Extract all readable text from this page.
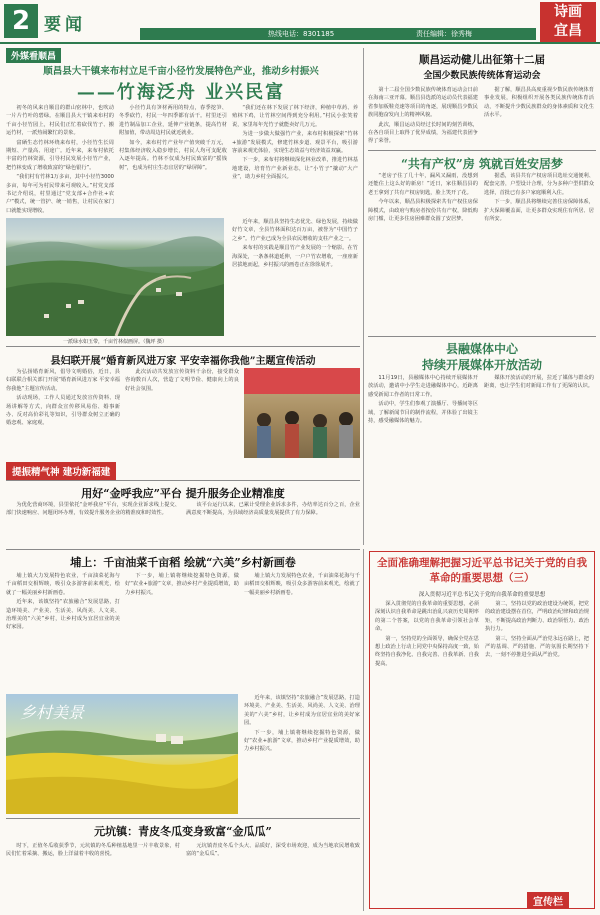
2 要闻	热线电话：8301185	责任编辑：徐秀梅
诗画
宜昌
外媒看顺昌
顺昌县大干镇来布村立足千亩小径竹发展特色产业，推动乡村振兴
——竹海泛舟 业兴民富

初冬的风来自顺昌的群山密林中，也吹动一片片竹叶的碧绿。在顺昌县大干镇来布村的千亩小径竹园上，村民们正忙着砍伐竹子、搬运竹材，一派热闹繁忙的景象。

富硒生态竹林环绕来布村，小径竹生长周期短、产量高、用途广。近年来，来布村依托丰富的竹林资源，引导村民发展小径竹产业，把竹林变成了增收致富的“绿色银行”。

“我们村有竹林1万多亩，其中小径竹3000多亩，每年可为村民带来可观收入。”村党支部书记介绍说，村里通过“党支部+合作社+农户”模式，统一管护、统一销售，让村民在家门口就能实现增收。

小径竹具有笋材两用的特点，春季挖笋、冬季砍竹，村民一年四季都有活干。村里还引进竹制品加工企业，延伸产业链条，提高竹材附加值，带动周边村民就近就业。

如今，来布村竹产业年产值突破千万元，村集体经济收入稳步增长，村民人均可支配收入逐年提高。竹林不仅成为村民致富的“摇钱树”，也成为村庄生态宜居的“绿屏障”。

“我们还在林下发展了林下经济，种植中草药、养殖林下鸡，让竹林空间得到充分利用。”村民小张笑着说，家里每年光竹子就能卖好几万元。

为进一步做大做强竹产业，来布村积极探索“竹林+旅游”发展模式，修建竹林步道、观景平台，吸引游客前来观光体验，实现生态效益与经济效益双赢。

下一步，来布村将继续深化林业改革，推进竹林基地建设，培育竹产业新业态，让“小竹子”撬动“大产业”，助力乡村全面振兴。

一派绿水如玉带，千亩竹林似画屏。（魏坪 摄）

近年来，顺昌县坚持生态优先、绿色发展，持续做好竹文章，全县竹林面积达百万亩，被誉为“中国竹子之乡”。竹产业已成为全县农民增收的支柱产业之一。

来布村的实践是顺昌竹产业发展的一个缩影。在竹海深处，一条条林道延伸，一户户竹农增收，一座座新居拔地而起，乡村振兴的画卷正在徐徐展开。

顺昌运动健儿出征第十二届
全国少数民族传统体育运动会

第十二届全国少数民族传统体育运动会日前在海南三亚开幕。顺昌县选派的运动员代表福建省参加板鞋竞速等项目的角逐，展现顺昌少数民族同胞奋发向上的精神风貌。

此次，顺昌运动员经过长时间的刻苦训练，在各自项目上取得了优异成绩，为福建代表团争得了荣誉。

据了解，顺昌县高度重视少数民族传统体育事业发展，积极组织开展各类民族传统体育活动，不断提升少数民族群众的身体素质和文化生活水平。

“共有产权”房 筑就百姓安居梦

“老房子住了几十年，漏风又漏雨，没想到还能住上这么好的新房！”近日，家住顺昌县的老王拿到了共有产权房钥匙，脸上笑开了花。

今年以来，顺昌县积极探索共有产权住房保障模式，由政府与购房者按份共有产权，降低购房门槛，让更多住房困难群众圆了安居梦。

据悉，该县共有产权房项目选址交通便利、配套完善，户型设计合理，分为多种户型供群众选择，首批已有多户家庭顺利入住。

下一步，顺昌县将继续完善住房保障体系，扩大保障覆盖面，让更多群众实现住有所居、居有所安。

县融媒体中心
持续开展媒体开放活动

11月19日，县融媒体中心持续开展媒体开放活动，邀请中小学生走进融媒体中心，近距离感受新闻工作者的日常工作。

活动中，学生们参观了演播厅、导播间等区域，了解新闻节目的制作流程，并体验了出镜主持，感受融媒体的魅力。

媒体开放活动的开展，拉近了媒体与群众的距离，也让学生们对新闻工作有了更深的认识。

县妇联开展“婚育新风进万家 平安幸福你我他”主题宣传活动

为弘扬婚育新风，倡导文明婚俗，近日，县妇联联合相关部门开展“婚育新风进万家 平安幸福你我他”主题宣传活动。

活动现场，工作人员通过发放宣传资料、现场讲解等方式，向群众宣传移风易俗、婚事新办、反对高价彩礼等知识，引导群众树立正确的婚恋观、家庭观。

此次活动共发放宣传资料千余份，接受群众咨询数百人次，营造了文明节俭、健康向上的良好社会氛围。

提振精气神 建功新福建
用好“金呼我应”平台 提升服务企业精准度

为优化营商环境，县里依托“金呼我应”平台，实现企业诉求线上提交、部门快速响应、问题闭环办理，有效提升服务企业的精准度和时效性。

该平台运行以来，已累计受理企业诉求多件，办结率达百分之百，企业满意度不断提高，为县域经济高质量发展提供了有力保障。

埔上：千亩油菜千亩稻 绘就“六美”乡村新画卷

埔上镇大力发展特色农业，千亩油菜花海与千亩稻田交相辉映，吸引众多游客前来观光，绘就了一幅美丽乡村新画卷。

近年来，该镇坚持“农旅融合”发展思路，打造环境美、产业美、生活美、风尚美、人文美、治理美的“六美”乡村，让乡村成为宜居宜业的美好家园。

下一步，埔上镇将继续挖掘特色资源，做好“农业+旅游”文章，推动乡村产业提质增效，助力乡村振兴。

埔上镇大力发展特色农业，千亩油菜花海与千亩稻田交相辉映，吸引众多游客前来观光，绘就了一幅美丽乡村新画卷。

乡村美景

近年来，该镇坚持“农旅融合”发展思路，打造环境美、产业美、生活美、风尚美、人文美、治理美的“六美”乡村，让乡村成为宜居宜业的美好家园。

下一步，埔上镇将继续挖掘特色资源，做好“农业+旅游”文章，推动乡村产业提质增效，助力乡村振兴。

元坑镇：青皮冬瓜变身致富“金瓜瓜”

时下，正值冬瓜收获季节，元坑镇的冬瓜种植基地里一片丰收景象，村民们忙着采摘、搬运，脸上洋溢着丰收的喜悦。

元坑镇青皮冬瓜个头大、品质好，深受市场欢迎，成为当地农民增收致富的“金瓜瓜”。

全面准确理解把握习近平总书记关于党的自我革命的重要思想（三）
深入贯彻习近平总书记关于党的自我革命的重要思想

深入贯彻党的自我革命的重要思想，必须深刻认识自我革命是跳出治乱兴衰历史周期率的第二个答案，以党的自我革命引领社会革命。

第一，坚持党的全面领导，确保全党在思想上政治上行动上同党中央保持高度一致，始终坚持自我净化、自我完善、自我革新、自我提高。

第二，坚持以党的政治建设为统领，把党的政治建设摆在首位，严明政治纪律和政治规矩，不断提高政治判断力、政治领悟力、政治执行力。

第三，坚持全面从严治党永远在路上，把严的基调、严的措施、严的氛围长期坚持下去，一刻不停推进全面从严治党。

宣传栏
